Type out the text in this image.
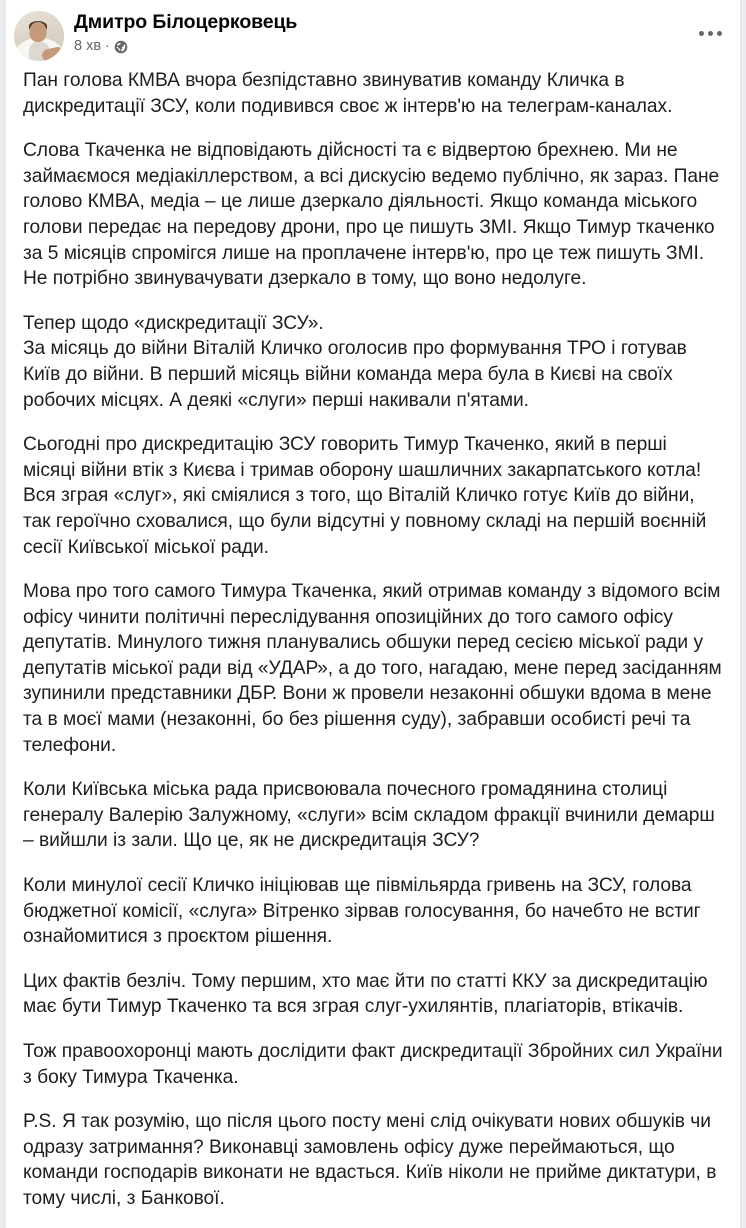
Дмитро Білоцерковець
8 хв ·

Пан голова КМВА вчора безпідставно звинуватив команду Кличка в дискредитації ЗСУ, коли подивився своє ж інтерв'ю на телеграм-каналах.

Слова Ткаченка не відповідають дійсності та є відвертою брехнею. Ми не займаємося медіакіллерством, а всі дискусію ведемо публічно, як зараз. Пане голово КМВА, медіа – це лише дзеркало діяльності. Якщо команда міського голови передає на передову дрони, про це пишуть ЗМІ. Якщо Тимур ткаченко за 5 місяців спромігся лише на проплачене інтерв'ю, про це теж пишуть ЗМІ. Не потрібно звинувачувати дзеркало в тому, що воно недолуге.

Тепер щодо «дискредитації ЗСУ».

За місяць до війни Віталій Кличко оголосив про формування ТРО і готував Київ до війни. В перший місяць війни команда мера була в Києві на своїх робочих місцях. А деякі «слуги» перші накивали п'ятами.

Сьогодні про дискредитацію ЗСУ говорить Тимур Ткаченко, який в перші місяці війни втік з Києва і тримав оборону шашличних закарпатського котла! Вся зграя «слуг», які сміялися з того, що Віталій Кличко готує Київ до війни, так героїчно сховалися, що були відсутні у повному складі на першій воєнній сесії Київської міської ради.

Мова про того самого Тимура Ткаченка, який отримав команду з відомого всім офісу чинити політичні переслідування опозиційних до того самого офісу депутатів. Минулого тижня планувались обшуки перед сесією міської ради у депутатів міської ради від «УДАР», а до того, нагадаю, мене перед засіданням зупинили представники ДБР. Вони ж провели незаконні обшуки вдома в мене та в моєї мами (незаконні, бо без рішення суду), забравши особисті речі та телефони.

Коли Київська міська рада присвоювала почесного громадянина столиці генералу Валерію Залужному, «слуги» всім складом фракції вчинили демарш – вийшли із зали. Що це, як не дискредитація ЗСУ?

Коли минулої сесії Кличко ініціював ще півмільярда гривень на ЗСУ, голова бюджетної комісії, «слуга» Вітренко зірвав голосування, бо начебто не встиг ознайомитися з проєктом рішення.

Цих фактів безліч. Тому першим, хто має йти по статті ККУ за дискредитацію має бути Тимур Ткаченко та вся зграя слуг-ухилянтів, плагіаторів, втікачів.

Тож правоохоронці мають дослідити факт дискредитації Збройних сил України з боку Тимура Ткаченка.

P.S. Я так розумію, що після цього посту мені слід очікувати нових обшуків чи одразу затримання? Виконавці замовлень офісу дуже переймаються, що команди господарів виконати не вдасться. Київ ніколи не прийме диктатури, в тому числі, з Банкової.
